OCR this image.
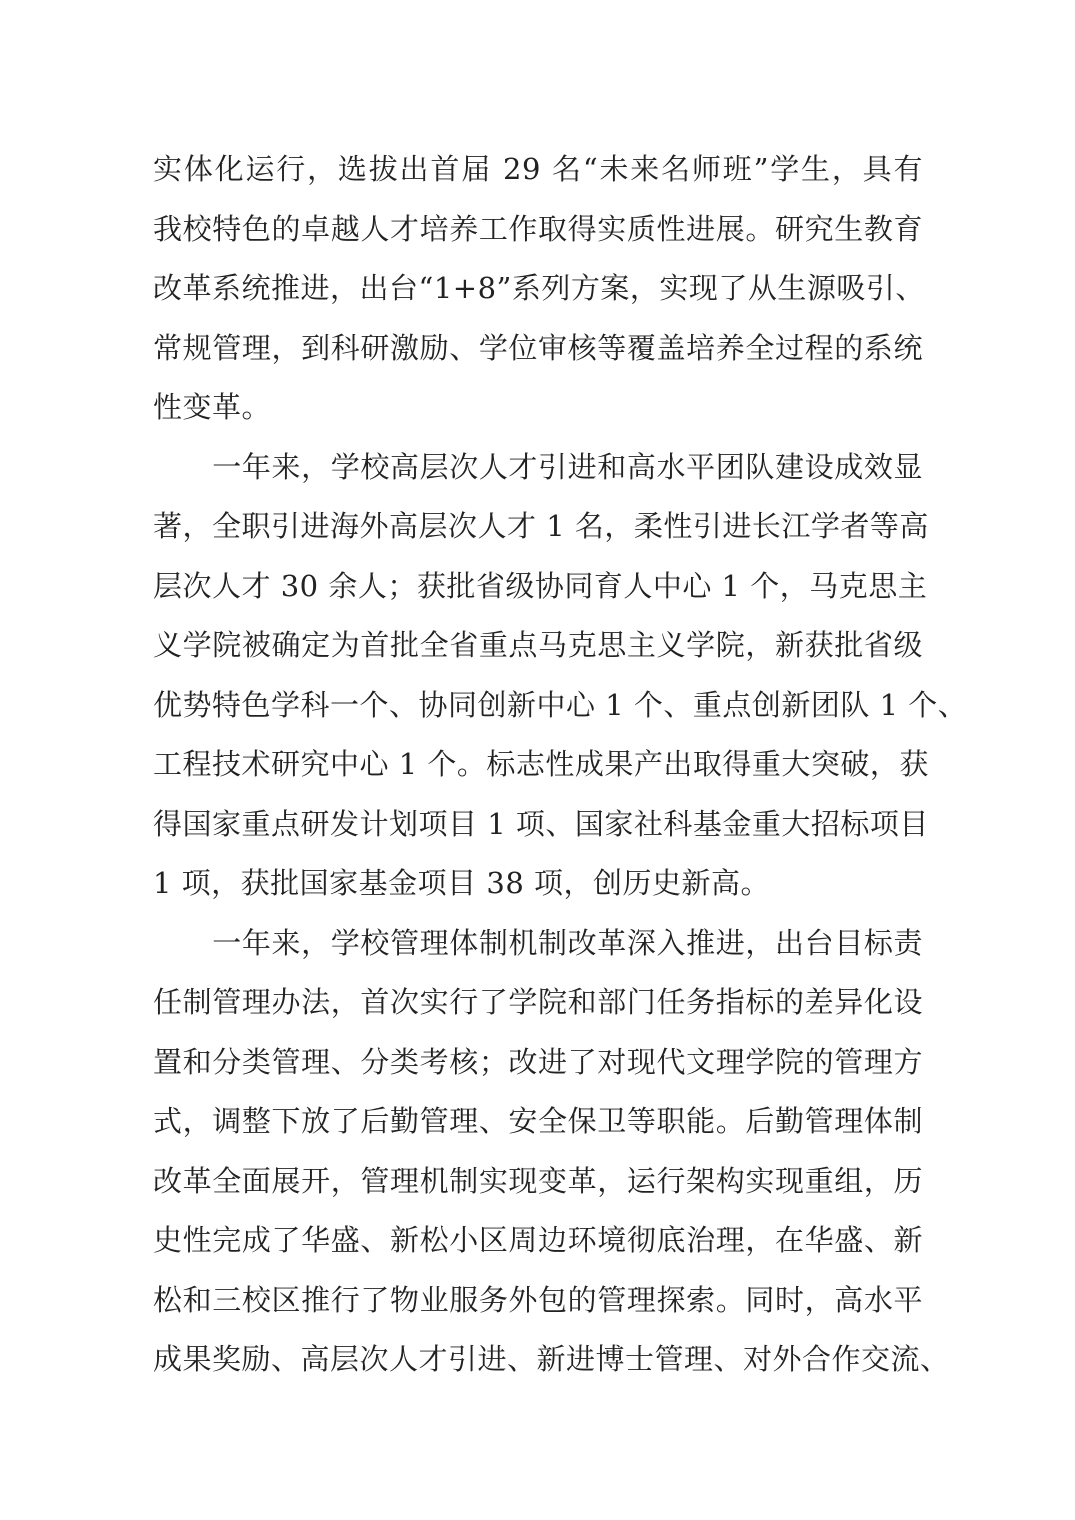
实体化运行，选拔出首届 29 名“未来名师班”学生，具有
我校特色的卓越人才培养工作取得实质性进展。研究生教育
改革系统推进，出台“1+8”系列方案，实现了从生源吸引、
常规管理，到科研激励、学位审核等覆盖培养全过程的系统
性变革。
　　一年来，学校高层次人才引进和高水平团队建设成效显
著，全职引进海外高层次人才 1 名，柔性引进长江学者等高
层次人才 30 余人；获批省级协同育人中心 1 个，马克思主
义学院被确定为首批全省重点马克思主义学院，新获批省级
优势特色学科一个、协同创新中心 1 个、重点创新团队 1 个、
工程技术研究中心 1 个。标志性成果产出取得重大突破，获
得国家重点研发计划项目 1 项、国家社科基金重大招标项目
1 项，获批国家基金项目 38 项，创历史新高。
　　一年来，学校管理体制机制改革深入推进，出台目标责
任制管理办法，首次实行了学院和部门任务指标的差异化设
置和分类管理、分类考核；改进了对现代文理学院的管理方
式，调整下放了后勤管理、安全保卫等职能。后勤管理体制
改革全面展开，管理机制实现变革，运行架构实现重组，历
史性完成了华盛、新松小区周边环境彻底治理，在华盛、新
松和三校区推行了物业服务外包的管理探索。同时，高水平
成果奖励、高层次人才引进、新进博士管理、对外合作交流、
